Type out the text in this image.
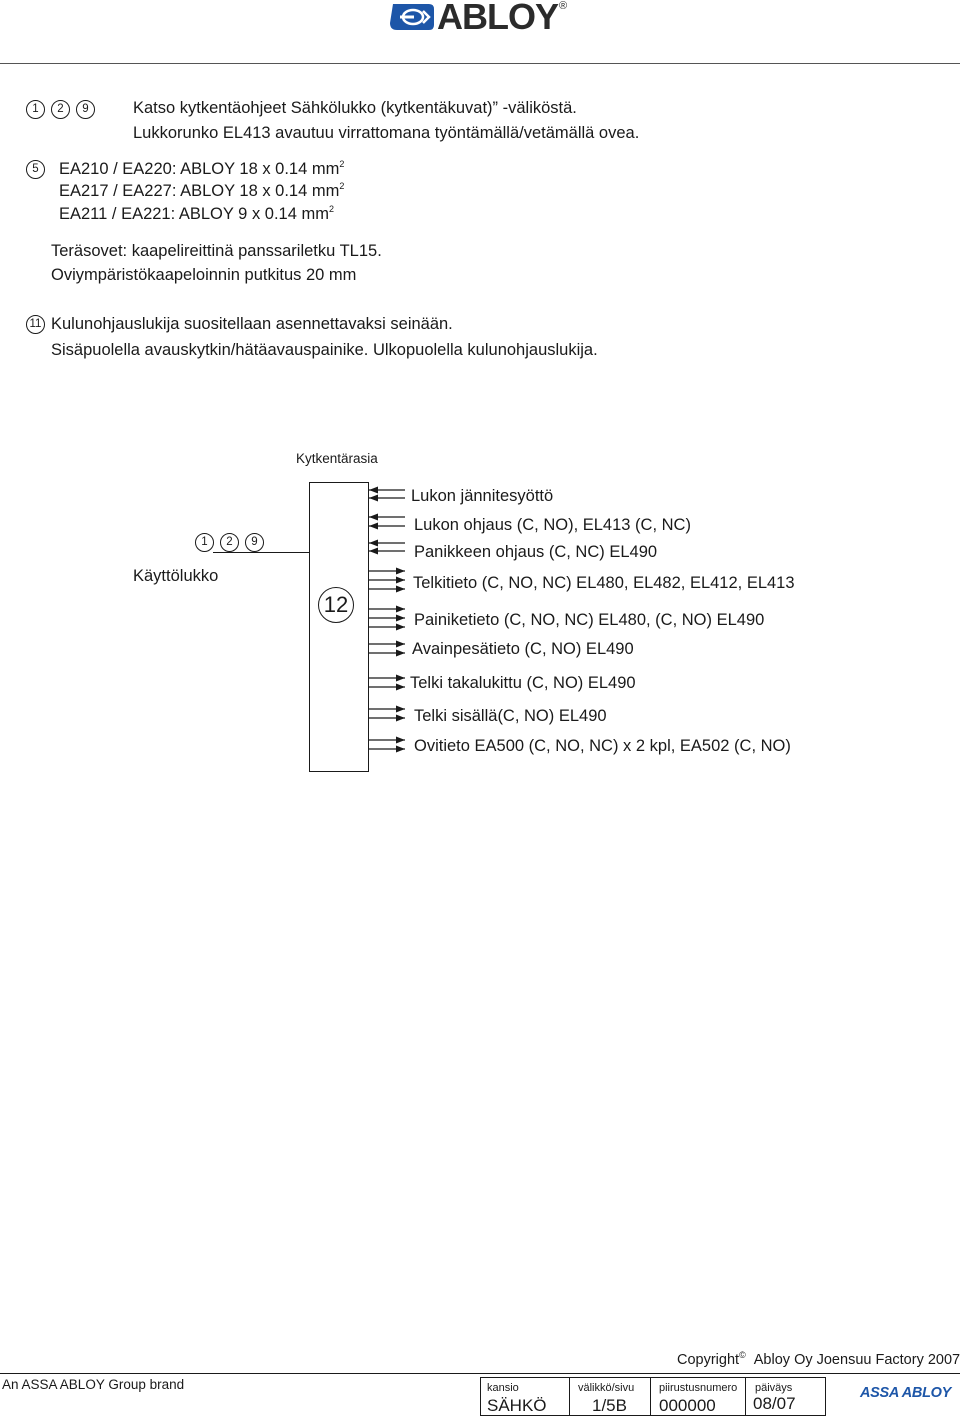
ABLOY ®
1	2	9	Katso kytkentäohjeet Sähkölukko (kytkentäkuvat)” -väliköstä.
Lukkorunko EL413 avautuu virrattomana työntämällä/vetämällä ovea.
5	EA210 / EA220: ABLOY 18 x 0.14 $mm^2$
EA217 / EA227: ABLOY 18 x 0.14 $mm^2$
EA211 / EA221: ABLOY 9 x 0.14 $mm^2$
Teräsovet: kaapelireittinä panssariletku TL15.
Oviympäristökaapeloinnin putkitus 20 mm
11 Kulunohjauslukija suositellaan asennettavaksi seinään.
Sisäpuolella avauskytkin/hätäavauspainike. Ulkopuolella kulunohjauslukija.
Kytkentärasia
12
Käyttölukko
1	2	9
Lukon jännitesyöttö
Lukon ohjaus (C, NO), EL413 (C, NC)
Panikkeen ohjaus (C, NC) EL490
Telkitieto (C, NO, NC) EL480, EL482, EL412, EL413
Painiketieto (C, NO, NC) EL480, (C, NO) EL490
Avainpesätieto (C, NO) EL490
Telki takalukittu (C, NO) EL490
Telki sisällä(C, NO) EL490
Ovitieto EA500 (C, NO, NC) x 2 kpl, EA502 (C, NO)
Copyright© Abloy Oy Joensuu Factory 2007
An ASSA ABLOY Group brand	kansio
SÄHKÖ
välikkö/sivu
1/5B
piirustusnumero
000000
päiväys
08/07
ASSA ABLOY
